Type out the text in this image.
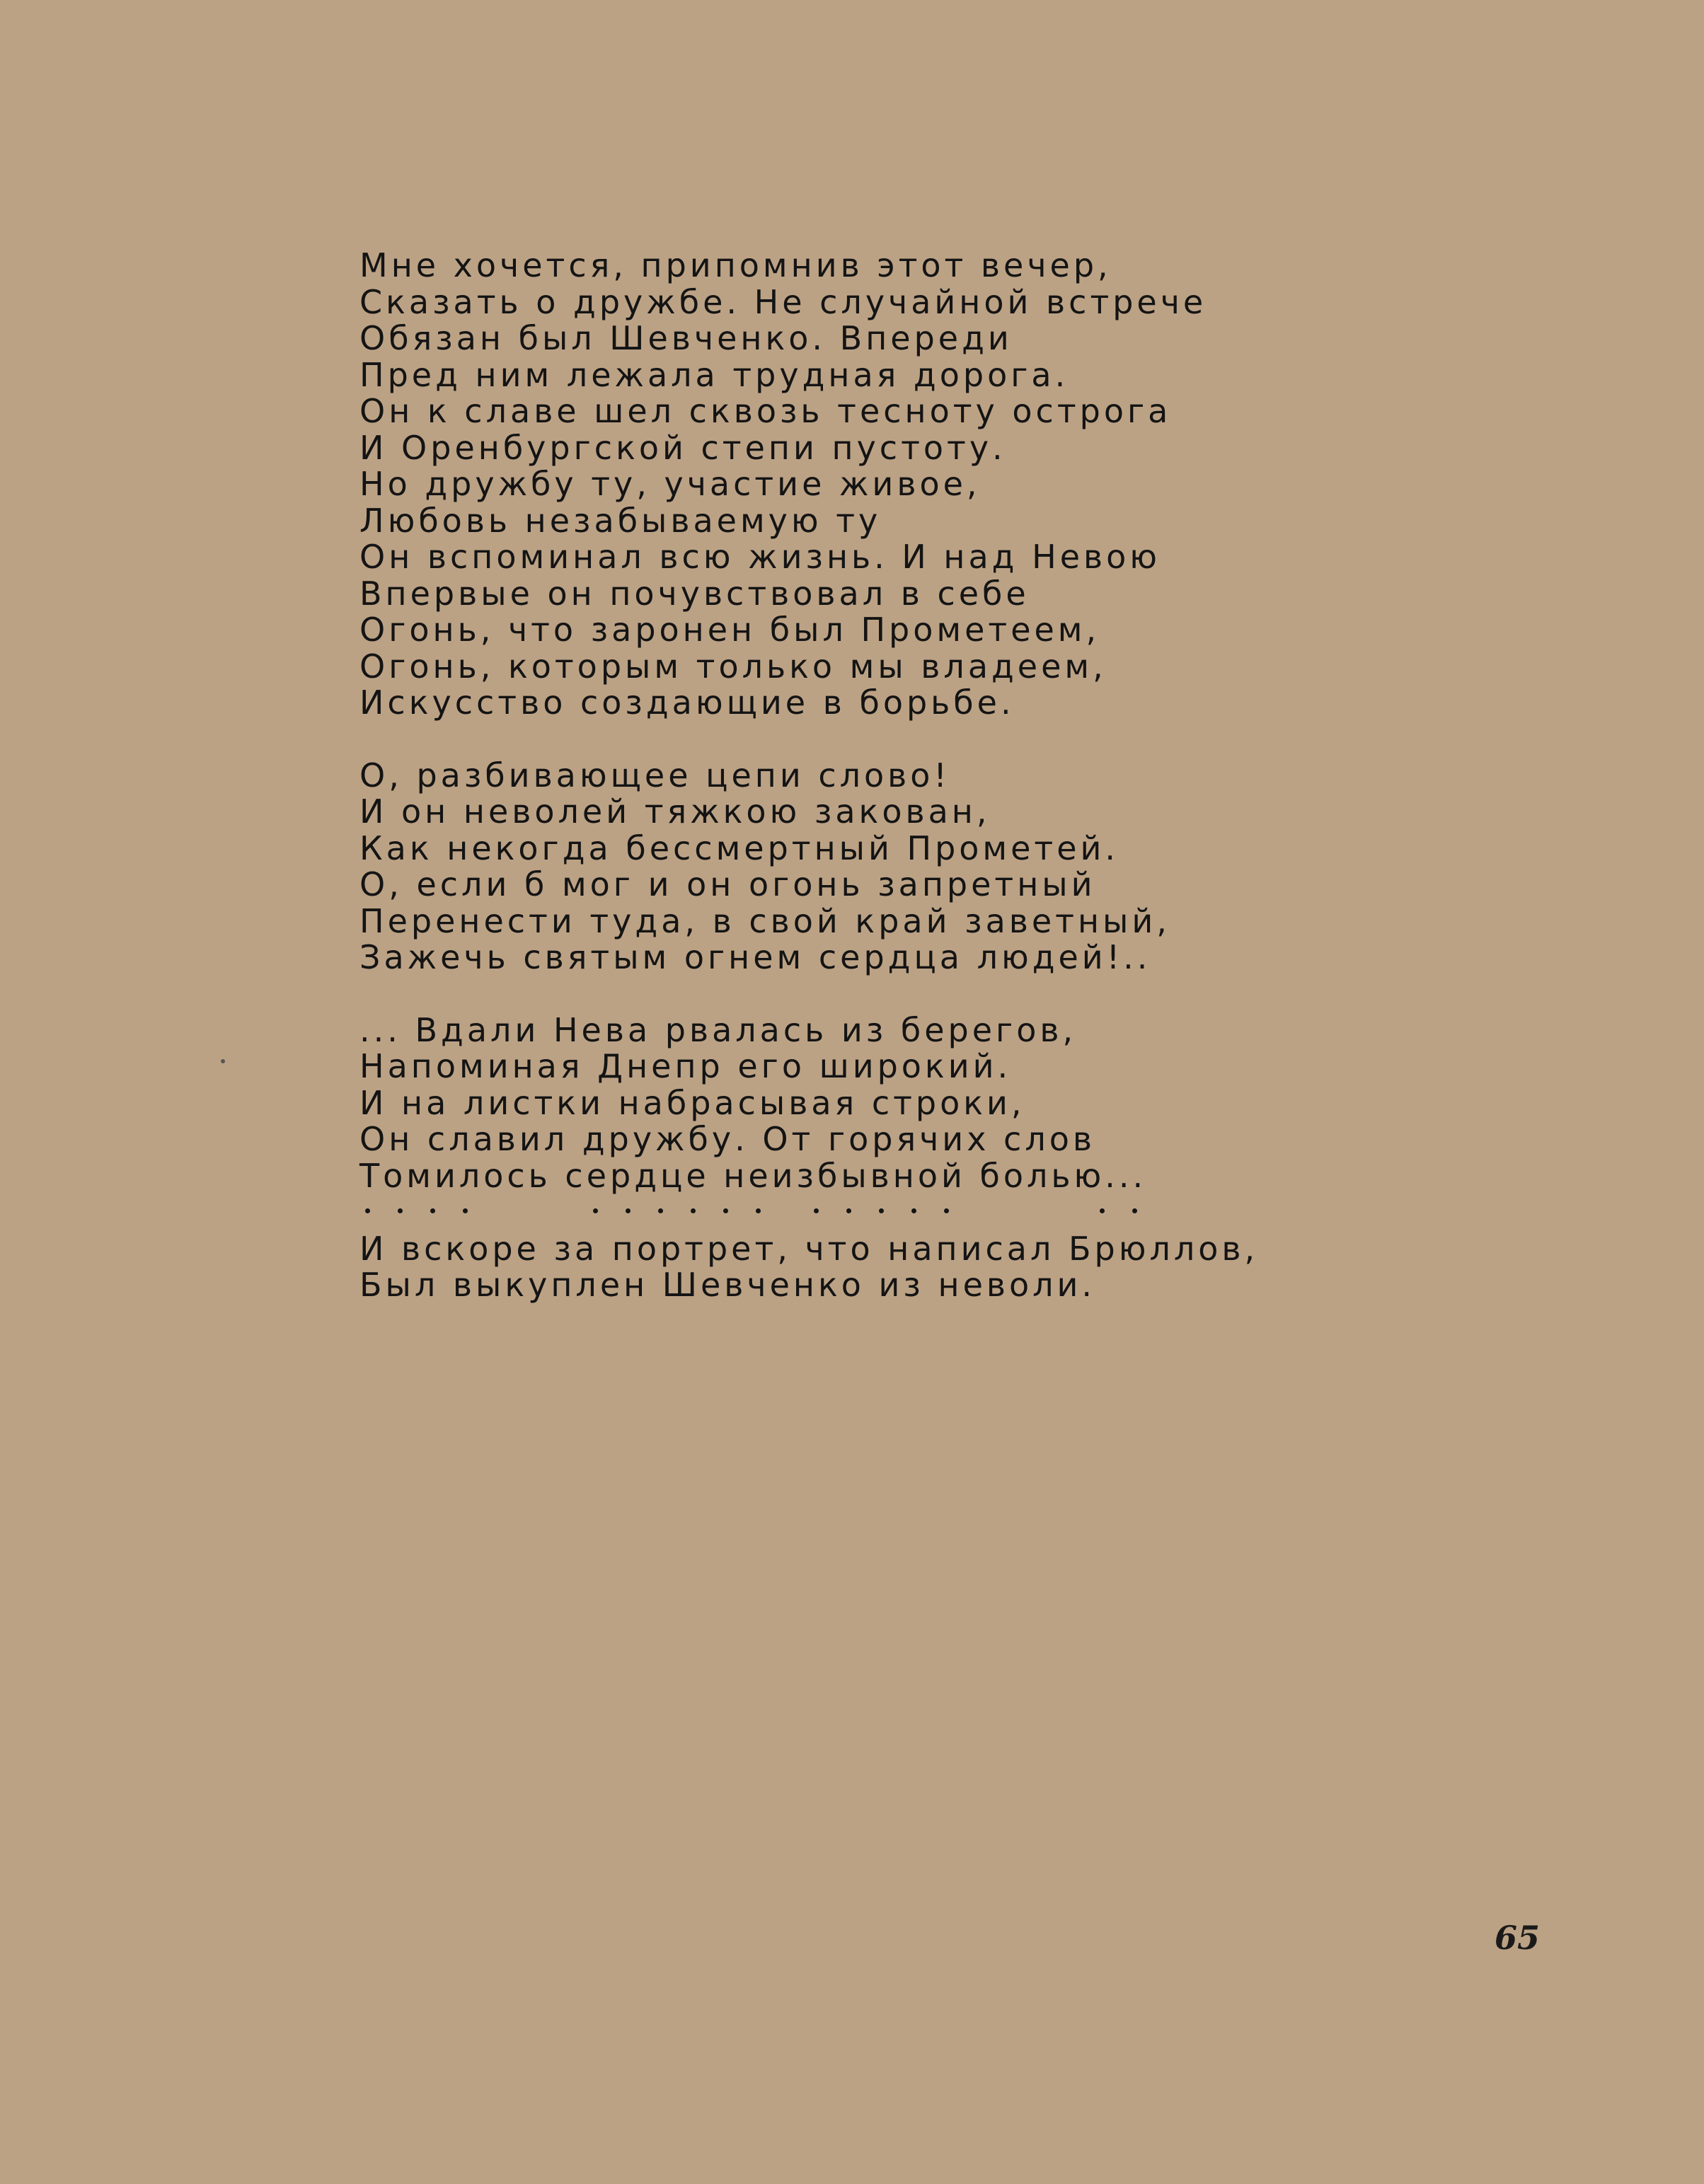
Мне хочется, припомнив этот вечер,
Сказать о дружбе. Не случайной встрече
Обязан был Шевченко. Впереди
Пред ним лежала трудная дорога.
Он к славе шел сквозь тесноту острога
И Оренбургской степи пустоту.
Но дружбу ту, участие живое,
Любовь незабываемую ту
Он вспоминал всю жизнь. И над Невою
Впервые он почувствовал в себе
Огонь, что заронен был Прометеем,
Огонь, которым только мы владеем,
Искусство создающие в борьбе.
О, разбивающее цепи слово!
И он неволей тяжкою закован,
Как некогда бессмертный Прометей.
О, если б мог и он огонь запретный
Перенести туда, в свой край заветный,
Зажечь святым огнем сердца людей!..
... Вдали Нева рвалась из берегов,
Напоминая Днепр его широкий.
И на листки набрасывая строки,
Он славил дружбу. От горячих слов
Томилось сердце неизбывной болью...
И вскоре за портрет, что написал Брюллов,
Был выкуплен Шевченко из неволи.
65
